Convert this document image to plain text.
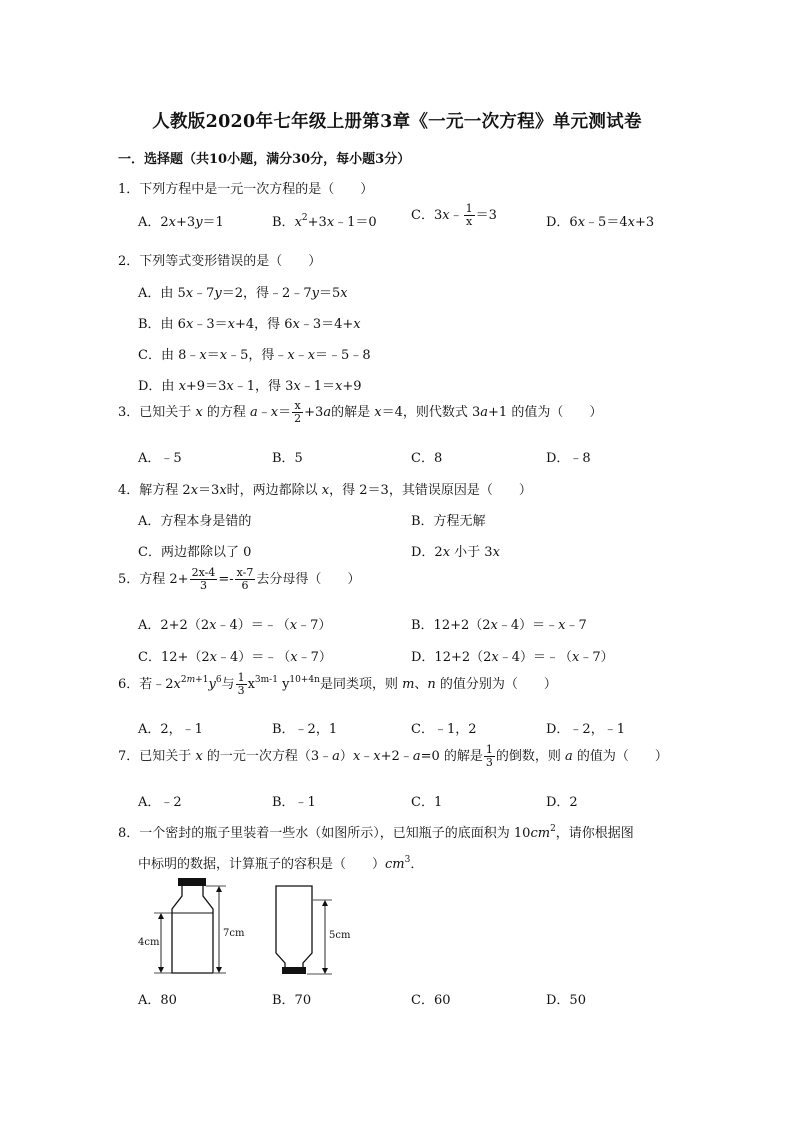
人教版2020年七年级上册第3章《一元一次方程》单元测试卷
一．选择题（共10小题，满分30分，每小题3分）
1．下列方程中是一元一次方程的是（　　）
A．2x+3y＝1	B．$x^2+3x﹣1=0$	C．3x﹣ $\frac{1}{x} =3$	D．6x﹣5＝4x+3
2．下列等式变形错误的是（　　）
A．由 5x﹣7y＝2，得﹣2﹣7y＝5x
B．由 6x﹣3＝x+4，得 6x﹣3＝4+x
C．由 8﹣x＝x﹣5，得﹣x﹣x＝﹣5﹣8
D．由 x+9＝3x﹣1，得 3x﹣1＝x+9
3．已知关于 x 的方程 a﹣x＝ $\frac{x}{2} +3a$的解是 x＝4，则代数式 3a+1 的值为（　　）
A．﹣5	B．5	C．8	D．﹣8
4．解方程 2x＝3x时，两边都除以 x，得 2＝3，其错误原因是（　　）
A．方程本身是错的	B．方程无解
C．两边都除以了 0	D．2x 小于 3x
5．方程 $2+ \frac{2x-4}{3} =- \frac{x-7}{6}$ 去分母得（　　）
A．2+2（2x﹣4）＝﹣（x﹣7）	B．12+2（2x﹣4）＝﹣x﹣7
C．12+（2x﹣4）＝﹣（x﹣7）	D．12+2（2x﹣4）＝﹣（x﹣7）
6．若$﹣2x^{2m+1}y^6$与 $\frac{1}{3} x^{3m-1}$ $y^{10+4n}$是同类项，则 m、n 的值分别为（　　）
A．2，﹣1	B．﹣2，1	C．﹣1，2	D．﹣2，﹣1
7．已知关于 x 的一元一次方程（3﹣a）x﹣x+2﹣a=0 的解是 $\frac{1}{3}$ 的倒数，则 a 的值为（　　）
A．﹣2	B．﹣1	C．1	D．2
8．一个密封的瓶子里装着一些水（如图所示），已知瓶子的底面积为 $10cm^2$，请你根据图
中标明的数据，计算瓶子的容积是（　　）$cm^3$．
4cm
7cm	5cm
A．80	B．70	C．60	D．50
